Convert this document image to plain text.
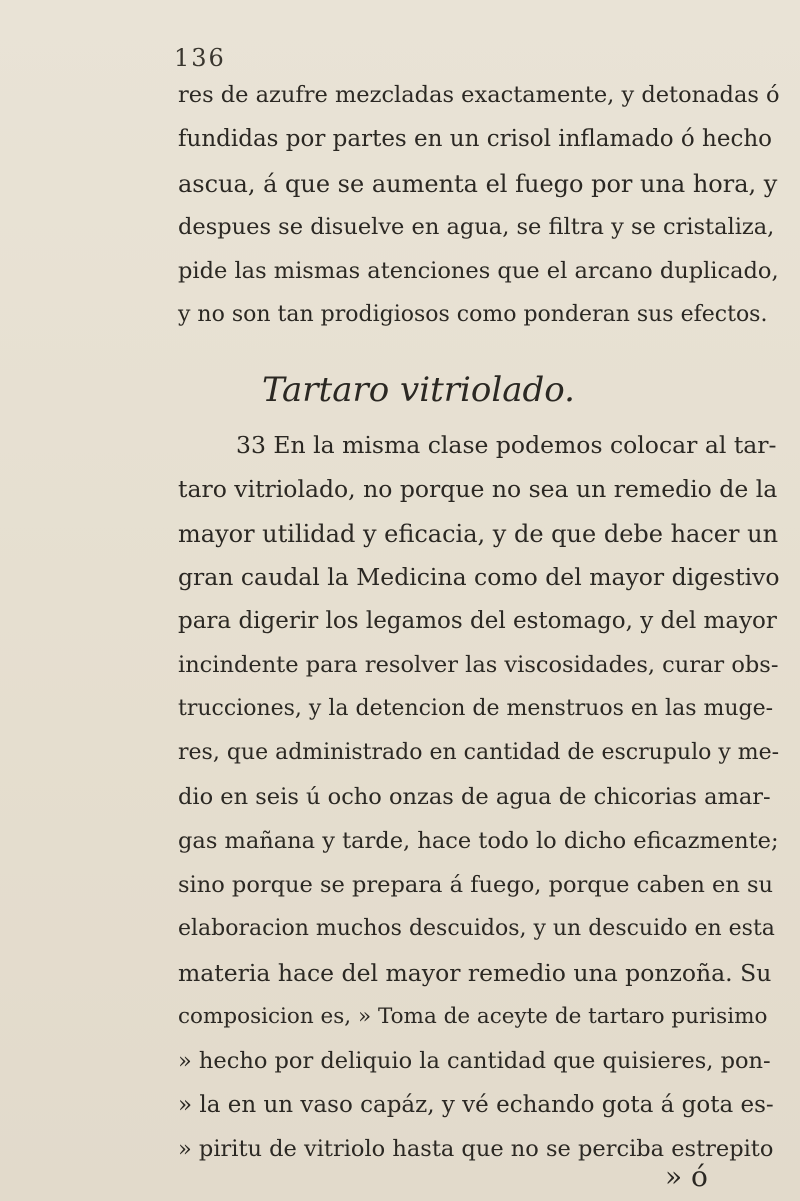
136
res de azufre mezcladas exactamente, y detonadas ó
fundidas por partes en un crisol inflamado ó hecho
ascua, á que se aumenta el fuego por una hora, y
despues se disuelve en agua, se filtra y se cristaliza,
pide las mismas atenciones que el arcano duplicado,
y no son tan prodigiosos como ponderan sus efectos.
Tartaro vitriolado.
33 En la misma clase podemos colocar al tar-
taro vitriolado, no porque no sea un remedio de la
mayor utilidad y eficacia, y de que debe hacer un
gran caudal la Medicina como del mayor digestivo
para digerir los legamos del estomago, y del mayor
incindente para resolver las viscosidades, curar obs-
trucciones, y la detencion de menstruos en las muge-
res, que administrado en cantidad de escrupulo y me-
dio en seis ú ocho onzas de agua de chicorias amar-
gas mañana y tarde, hace todo lo dicho eficazmente;
sino porque se prepara á fuego, porque caben en su
elaboracion muchos descuidos, y un descuido en esta
materia hace del mayor remedio una ponzoña. Su
composicion es, » Toma de aceyte de tartaro purisimo
» hecho por deliquio la cantidad que quisieres, pon-
» la en un vaso capáz, y vé echando gota á gota es-
» piritu de vitriolo hasta que no se perciba estrepito
» ó
